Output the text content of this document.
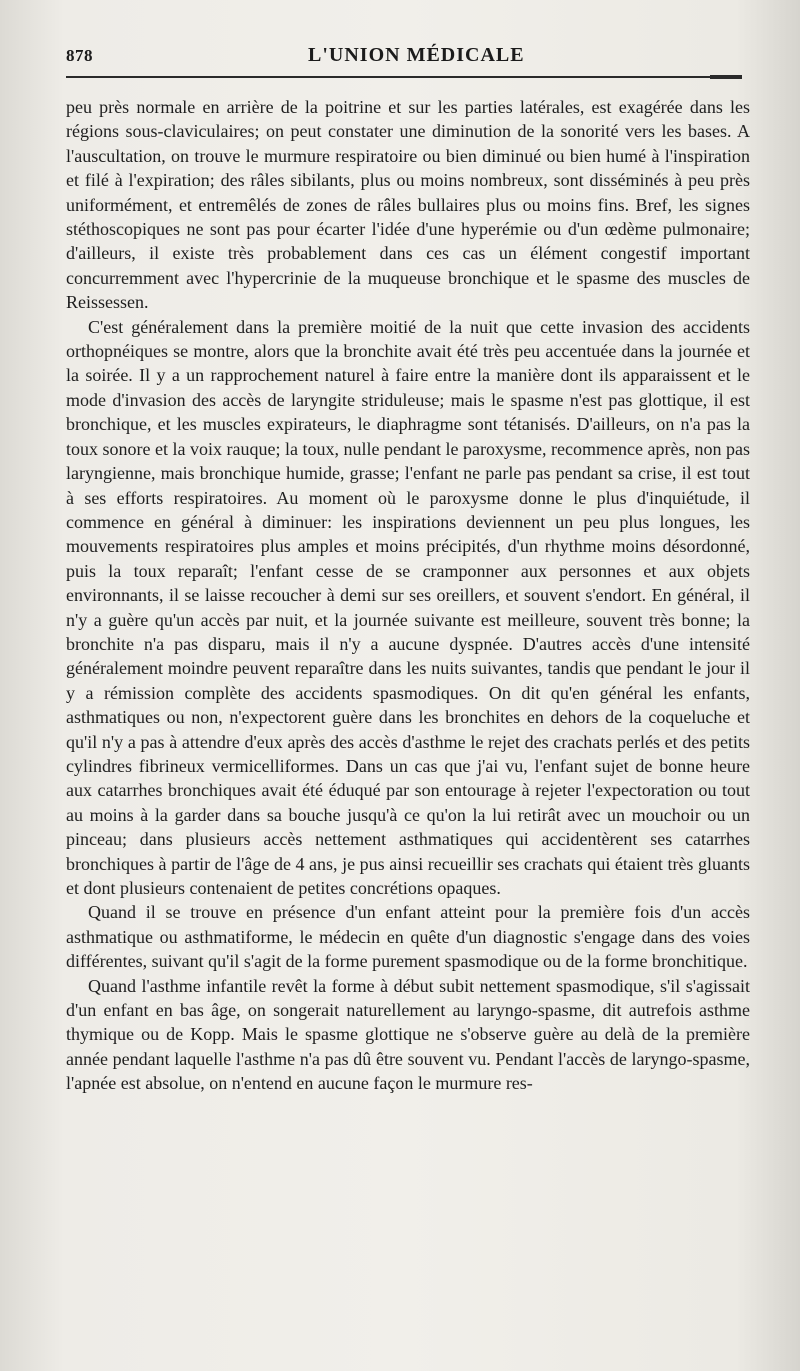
878	L'UNION MÉDICALE

peu près normale en arrière de la poitrine et sur les parties latérales, est exagérée dans les régions sous-claviculaires; on peut constater une diminution de la sonorité vers les bases. A l'auscultation, on trouve le murmure respiratoire ou bien diminué ou bien humé à l'inspiration et filé à l'expiration; des râles sibilants, plus ou moins nombreux, sont disséminés à peu près uniformément, et entremêlés de zones de râles bullaires plus ou moins fins. Bref, les signes stéthoscopiques ne sont pas pour écarter l'idée d'une hyperémie ou d'un œdème pulmonaire; d'ailleurs, il existe très probablement dans ces cas un élément congestif important concurremment avec l'hypercrinie de la muqueuse bronchique et le spasme des muscles de Reissessen.

C'est généralement dans la première moitié de la nuit que cette invasion des accidents orthopnéiques se montre, alors que la bronchite avait été très peu accentuée dans la journée et la soirée. Il y a un rapprochement naturel à faire entre la manière dont ils apparaissent et le mode d'invasion des accès de laryngite striduleuse; mais le spasme n'est pas glottique, il est bronchique, et les muscles expirateurs, le diaphragme sont tétanisés. D'ailleurs, on n'a pas la toux sonore et la voix rauque; la toux, nulle pendant le paroxysme, recommence après, non pas laryngienne, mais bronchique humide, grasse; l'enfant ne parle pas pendant sa crise, il est tout à ses efforts respiratoires. Au moment où le paroxysme donne le plus d'inquiétude, il commence en général à diminuer: les inspirations deviennent un peu plus longues, les mouvements respiratoires plus amples et moins précipités, d'un rhythme moins désordonné, puis la toux reparaît; l'enfant cesse de se cramponner aux personnes et aux objets environnants, il se laisse recoucher à demi sur ses oreillers, et souvent s'endort. En général, il n'y a guère qu'un accès par nuit, et la journée suivante est meilleure, souvent très bonne; la bronchite n'a pas disparu, mais il n'y a aucune dyspnée. D'autres accès d'une intensité généralement moindre peuvent reparaître dans les nuits suivantes, tandis que pendant le jour il y a rémission complète des accidents spasmodiques. On dit qu'en général les enfants, asthmatiques ou non, n'expectorent guère dans les bronchites en dehors de la coqueluche et qu'il n'y a pas à attendre d'eux après des accès d'asthme le rejet des crachats perlés et des petits cylindres fibrineux vermicelliformes. Dans un cas que j'ai vu, l'enfant sujet de bonne heure aux catarrhes bronchiques avait été éduqué par son entourage à rejeter l'expectoration ou tout au moins à la garder dans sa bouche jusqu'à ce qu'on la lui retirât avec un mouchoir ou un pinceau; dans plusieurs accès nettement asthmatiques qui accidentèrent ses catarrhes bronchiques à partir de l'âge de 4 ans, je pus ainsi recueillir ses crachats qui étaient très gluants et dont plusieurs contenaient de petites concrétions opaques.

Quand il se trouve en présence d'un enfant atteint pour la première fois d'un accès asthmatique ou asthmatiforme, le médecin en quête d'un diagnostic s'engage dans des voies différentes, suivant qu'il s'agit de la forme purement spasmodique ou de la forme bronchitique.

Quand l'asthme infantile revêt la forme à début subit nettement spasmodique, s'il s'agissait d'un enfant en bas âge, on songerait naturellement au laryngo-spasme, dit autrefois asthme thymique ou de Kopp. Mais le spasme glottique ne s'observe guère au delà de la première année pendant laquelle l'asthme n'a pas dû être souvent vu. Pendant l'accès de laryngo-spasme, l'apnée est absolue, on n'entend en aucune façon le murmure res-
